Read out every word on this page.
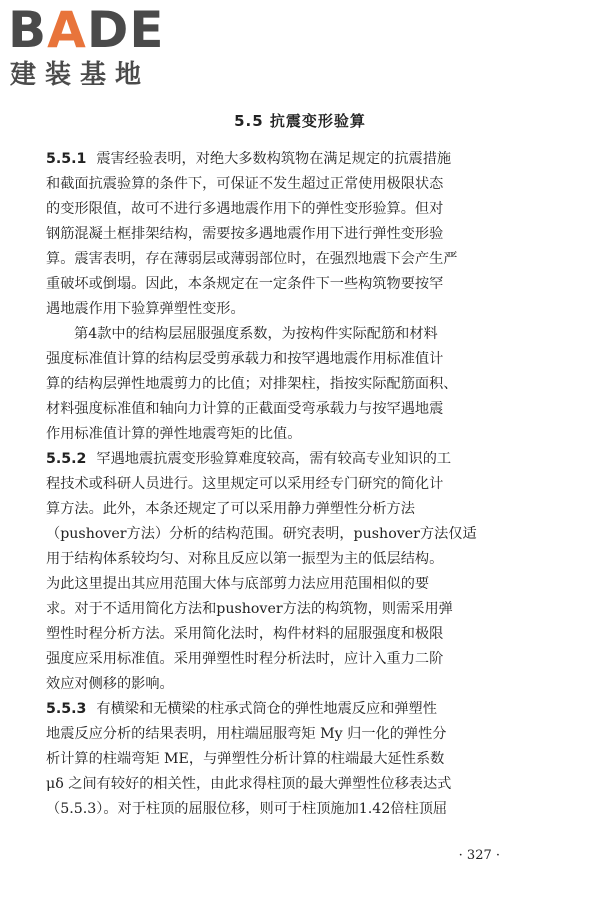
BADE
建装基地
5.5 抗震变形验算
5.5.1 震害经验表明，对绝大多数构筑物在满足规定的抗震措施
和截面抗震验算的条件下，可保证不发生超过正常使用极限状态
的变形限值，故可不进行多遇地震作用下的弹性变形验算。但对
钢筋混凝土框排架结构，需要按多遇地震作用下进行弹性变形验
算。震害表明，存在薄弱层或薄弱部位时，在强烈地震下会产生严
重破坏或倒塌。因此，本条规定在一定条件下一些构筑物要按罕
遇地震作用下验算弹塑性变形。
第4款中的结构层屈服强度系数，为按构件实际配筋和材料
强度标准值计算的结构层受剪承载力和按罕遇地震作用标准值计
算的结构层弹性地震剪力的比值；对排架柱，指按实际配筋面积、
材料强度标准值和轴向力计算的正截面受弯承载力与按罕遇地震
作用标准值计算的弹性地震弯矩的比值。
5.5.2 罕遇地震抗震变形验算难度较高，需有较高专业知识的工
程技术或科研人员进行。这里规定可以采用经专门研究的简化计
算方法。此外，本条还规定了可以采用静力弹塑性分析方法
（pushover方法）分析的结构范围。研究表明，pushover方法仅适
用于结构体系较均匀、对称且反应以第一振型为主的低层结构。
为此这里提出其应用范围大体与底部剪力法应用范围相似的要
求。对于不适用简化方法和pushover方法的构筑物，则需采用弹
塑性时程分析方法。采用简化法时，构件材料的屈服强度和极限
强度应采用标准值。采用弹塑性时程分析法时，应计入重力二阶
效应对侧移的影响。
5.5.3 有横梁和无横梁的柱承式筒仓的弹性地震反应和弹塑性
地震反应分析的结果表明，用柱端屈服弯矩 My 归一化的弹性分
析计算的柱端弯矩 ME，与弹塑性分析计算的柱端最大延性系数
μδ 之间有较好的相关性，由此求得柱顶的最大弹塑性位移表达式
（5.5.3）。对于柱顶的屈服位移，则可于柱顶施加1.42倍柱顶屈
· 327 ·
